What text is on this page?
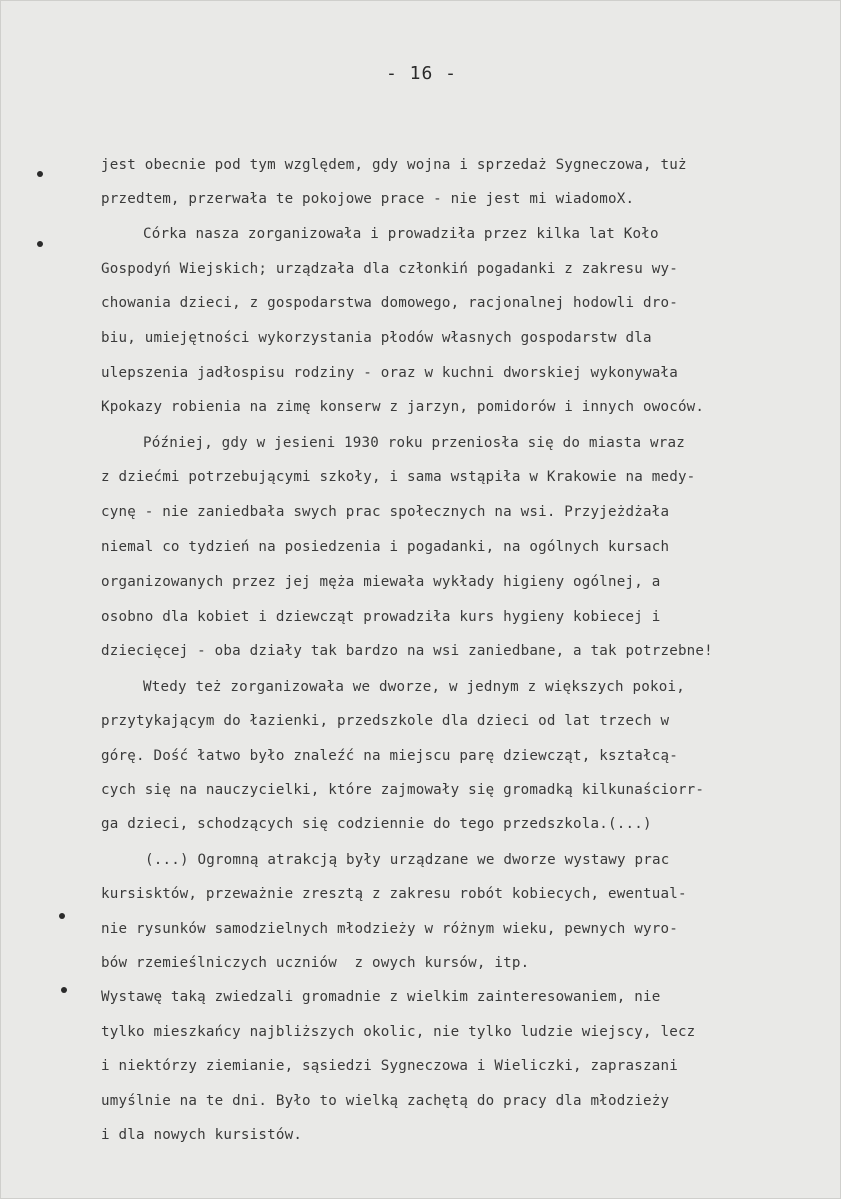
- 16 -
jest obecnie pod tym względem, gdy wojna i sprzedaż Sygneczowa, tuż
przedtem, przerwała te pokojowe prace - nie jest mi wiadomoX.
Córka nasza zorganizowała i prowadziła przez kilka lat Koło
Gospodyń Wiejskich; urządzała dla członkiń pogadanki z zakresu wy-
chowania dzieci, z gospodarstwa domowego, racjonalnej hodowli dro-
biu, umiejętności wykorzystania płodów własnych gospodarstw dla
ulepszenia jadłospisu rodziny - oraz w kuchni dworskiej wykonywała
Kpokazy robienia na zimę konserw z jarzyn, pomidorów i innych owoców.
Później, gdy w jesieni 1930 roku przeniosła się do miasta wraz
z dziećmi potrzebującymi szkoły, i sama wstąpiła w Krakowie na medy-
cynę - nie zaniedbała swych prac społecznych na wsi. Przyjeżdżała
niemal co tydzień na posiedzenia i pogadanki, na ogólnych kursach
organizowanych przez jej męża miewała wykłady higieny ogólnej, a
osobno dla kobiet i dziewcząt prowadziła kurs hygieny kobiecej i
dziecięcej - oba działy tak bardzo na wsi zaniedbane, a tak potrzebne!
Wtedy też zorganizowała we dworze, w jednym z większych pokoi,
przytykającym do łazienki, przedszkole dla dzieci od lat trzech w
górę. Dość łatwo było znaleźć na miejscu parę dziewcząt, kształcą-
cych się na nauczycielki, które zajmowały się gromadką kilkunaściorr-
ga dzieci, schodzących się codziennie do tego przedszkola.(...)
(...) Ogromną atrakcją były urządzane we dworze wystawy prac
kursisktów, przeważnie zresztą z zakresu robót kobiecych, ewentual-
nie rysunków samodzielnych młodzieży w różnym wieku, pewnych wyro-
bów rzemieślniczych uczniów  z owych kursów, itp.
Wystawę taką zwiedzali gromadnie z wielkim zainteresowaniem, nie
tylko mieszkańcy najbliższych okolic, nie tylko ludzie wiejscy, lecz
i niektórzy ziemianie, sąsiedzi Sygneczowa i Wieliczki, zapraszani
umyślnie na te dni. Było to wielką zachętą do pracy dla młodzieży
i dla nowych kursistów.
